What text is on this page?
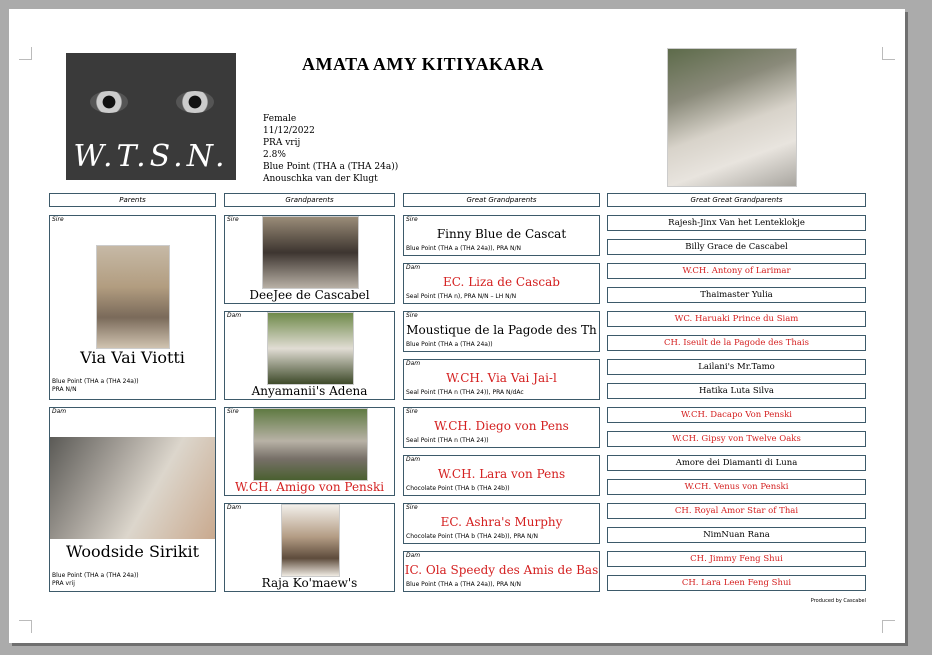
W.T.S.N.
AMATA AMY KITIYAKARA
Female
11/12/2022
PRA vrij
2.8%
Blue Point (THA a (THA 24a))
Anouschka van der Klugt
Parents	Grandparents	Great Grandparents	Great Great Grandparents
Sire
Via Vai Viotti
Blue Point (THA a (THA 24a))
PRA N/N
Dam
Woodside Sirikit
Blue Point (THA a (THA 24a))
PRA vrij
Sire
DeeJee de Cascabel
Dam
Anyamanii's Adena
Sire
W.CH. Amigo von Penski
Dam
Raja Ko'maew's
Sire
Finny Blue de Cascat
Blue Point (THA a (THA 24a)), PRA N/N
Dam
EC. Liza de Cascab
Seal Point (THA n), PRA N/N – LH N/N
Sire
Moustique de la Pagode des Th
Blue Point (THA a (THA 24a))
Dam
W.CH. Via Vai Jai-l
Seal Point (THA n (THA 24)), PRA N/dAc
Sire
W.CH. Diego von Pens
Seal Point (THA n (THA 24))
Dam
W.CH. Lara von Pens
Chocolate Point (THA b (THA 24b))
Sire
EC. Ashra's Murphy
Chocolate Point (THA b (THA 24b)), PRA N/N
Dam
IC. Ola Speedy des Amis de Bas
Blue Point (THA a (THA 24a)), PRA N/N
Rajesh-Jinx Van het Lenteklokje
Billy Grace de Cascabel
W.CH. Antony of Larimar
Thaimaster Yulia
WC. Haruaki Prince du Siam
CH. Iseult de la Pagode des Thais
Lailani's Mr.Tamo
Hatika Luta Silva
W.CH. Dacapo Von Penski
W.CH. Gipsy von Twelve Oaks
Amore dei Diamanti di Luna
W.CH. Venus von Penski
CH. Royal Amor Star of Thai
NimNuan Rana
CH. Jimmy Feng Shui
CH. Lara Leen Feng Shui
Produced by Cascabel
